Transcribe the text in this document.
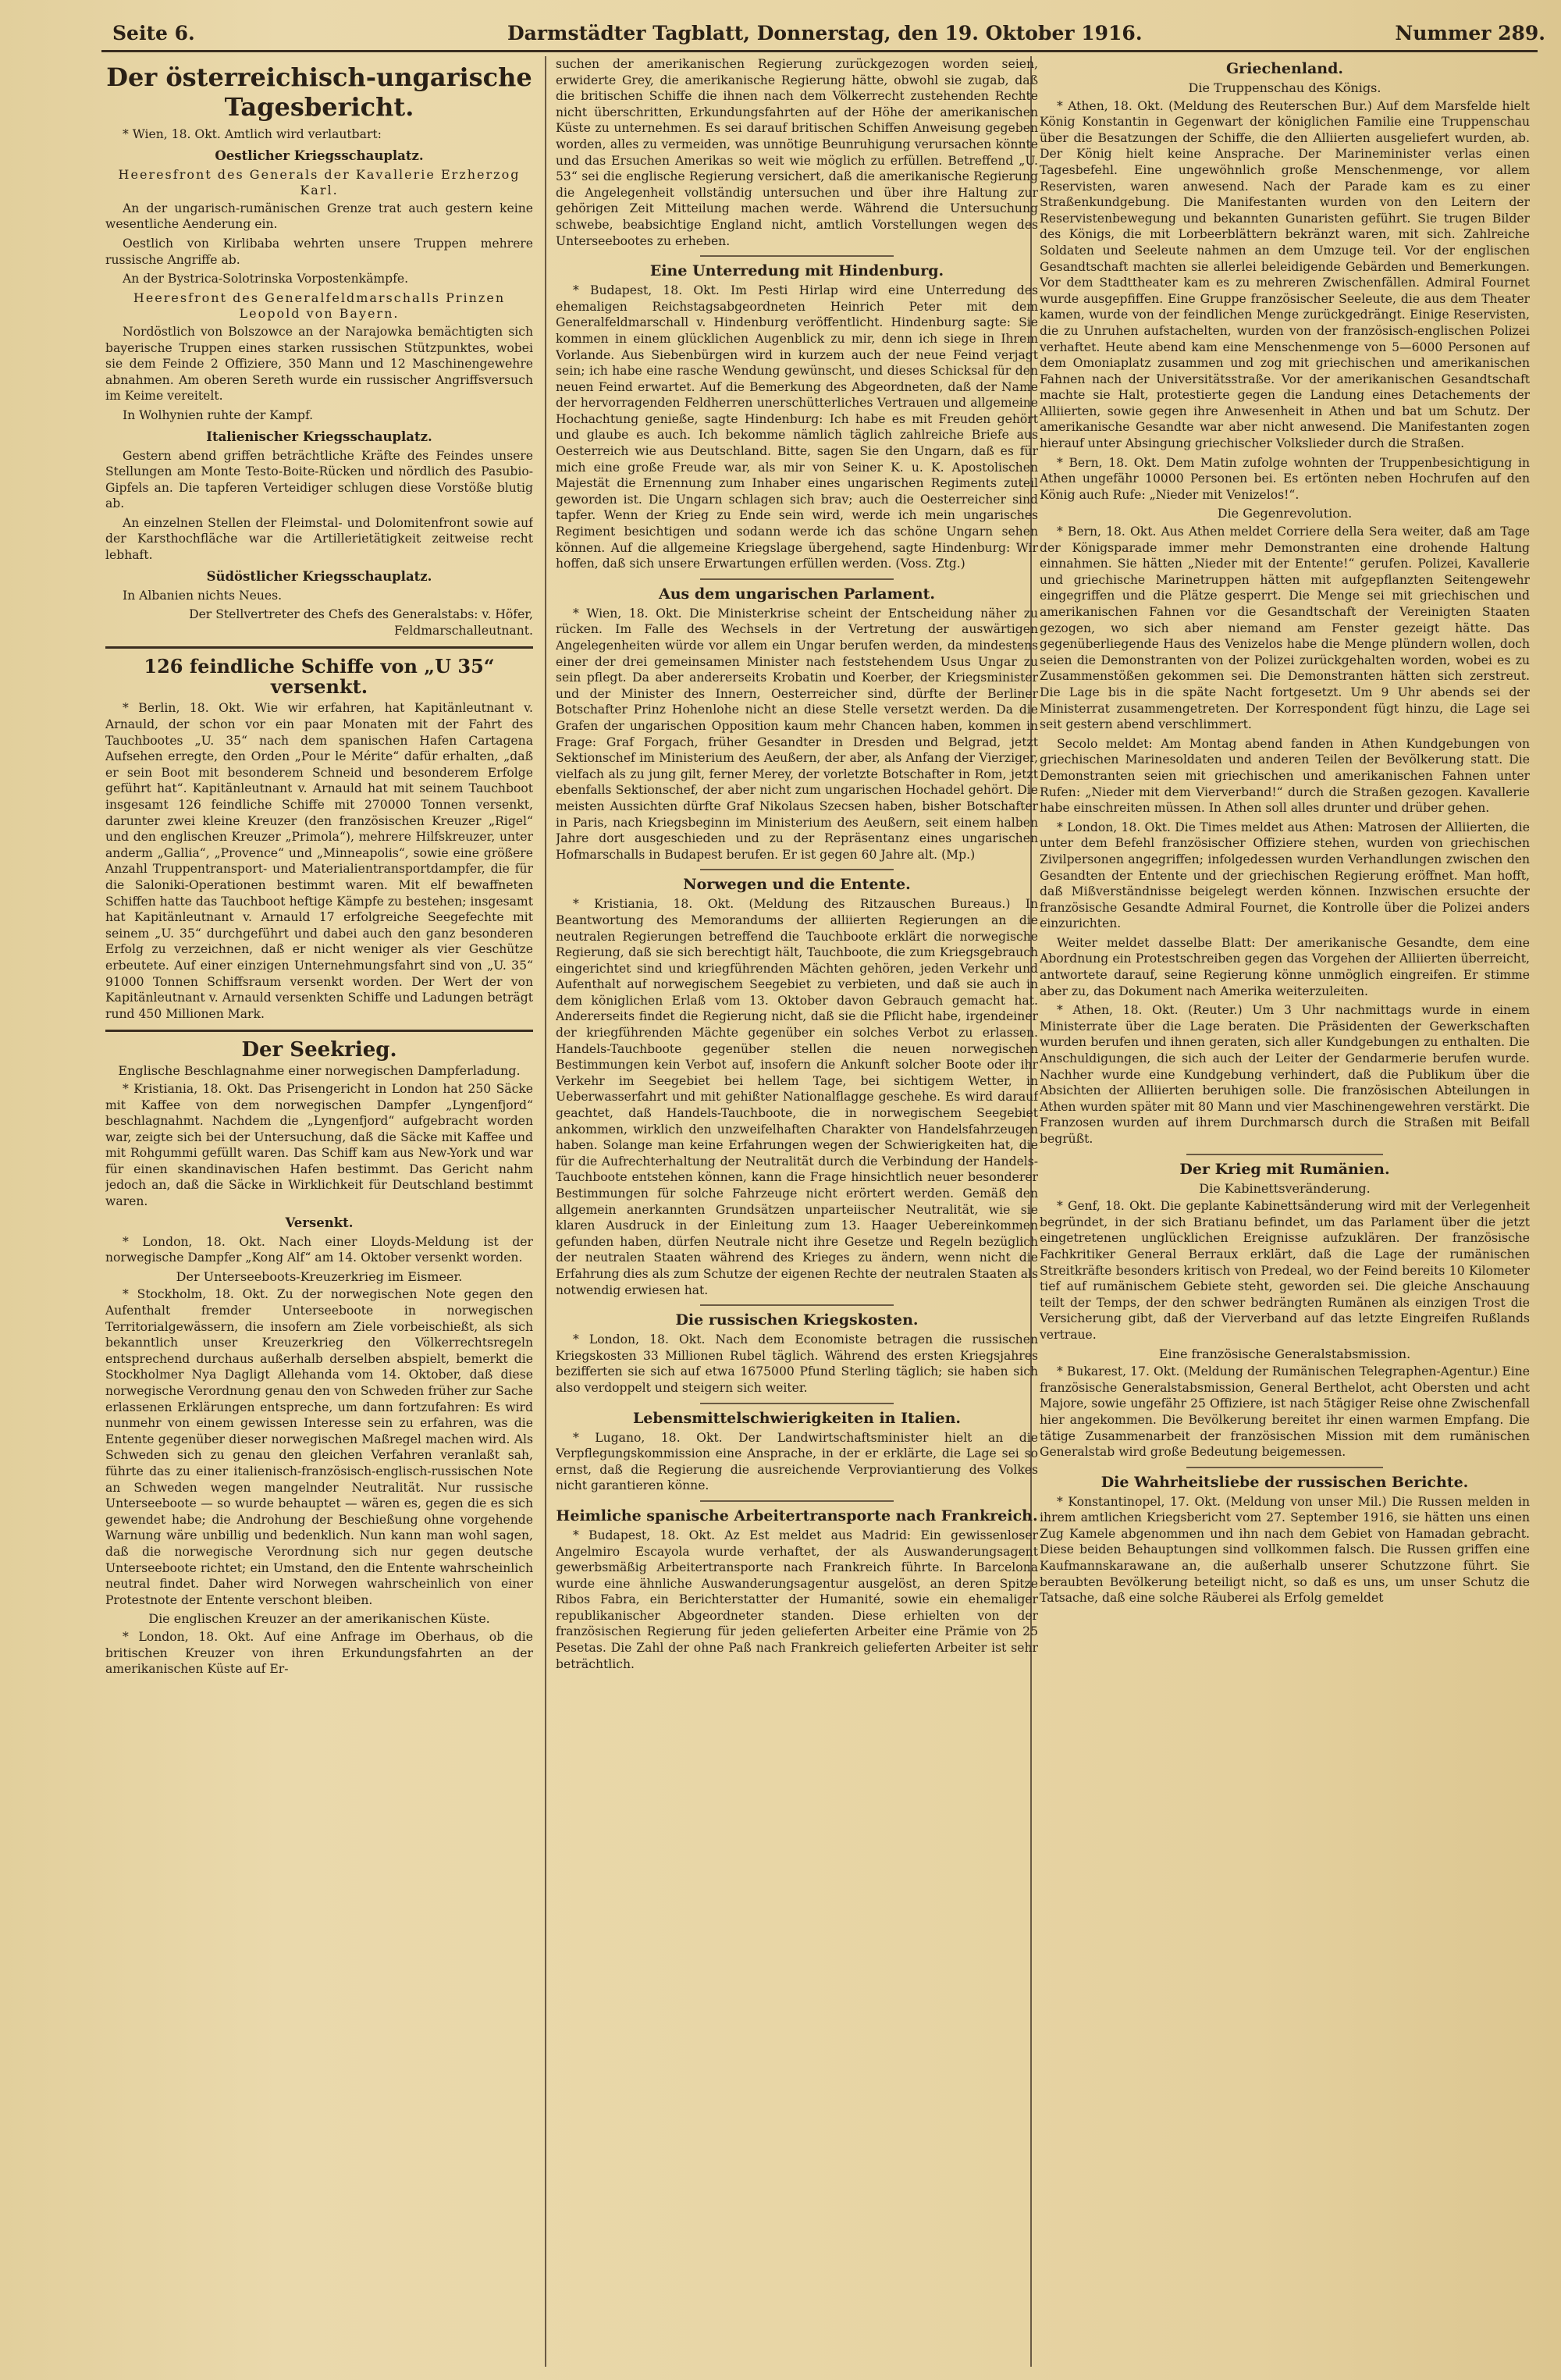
Seite 6.	Darmstädter Tagblatt, Donnerstag, den 19. Oktober 1916.	Nummer 289.
Der österreichisch-ungarische Tagesbericht.

* Wien, 18. Okt. Amtlich wird verlautbart:

Oestlicher Kriegsschauplatz.
Heeresfront des Generals der Kavallerie Erzherzog Karl.

An der ungarisch-rumänischen Grenze trat auch gestern keine wesentliche Aenderung ein.

Oestlich von Kirlibaba wehrten unsere Truppen mehrere russische Angriffe ab.

An der Bystrica-Solotrinska Vorpostenkämpfe.

Heeresfront des Generalfeldmarschalls Prinzen Leopold von Bayern.

Nordöstlich von Bolszowce an der Narajowka bemächtigten sich bayerische Truppen eines starken russischen Stützpunktes, wobei sie dem Feinde 2 Offiziere, 350 Mann und 12 Maschinengewehre abnahmen. Am oberen Sereth wurde ein russischer Angriffsversuch im Keime vereitelt.

In Wolhynien ruhte der Kampf.

Italienischer Kriegsschauplatz.

Gestern abend griffen beträchtliche Kräfte des Feindes unsere Stellungen am Monte Testo-Boite-Rücken und nördlich des Pasubio-Gipfels an. Die tapferen Verteidiger schlugen diese Vorstöße blutig ab.

An einzelnen Stellen der Fleimstal- und Dolomitenfront sowie auf der Karsthochfläche war die Artillerietätigkeit zeitweise recht lebhaft.

Südöstlicher Kriegsschauplatz.

In Albanien nichts Neues.

Der Stellvertreter des Chefs des Generalstabs: v. Höfer, Feldmarschalleutnant.

126 feindliche Schiffe von „U 35“ versenkt.

* Berlin, 18. Okt. Wie wir erfahren, hat Kapitänleutnant v. Arnauld, der schon vor ein paar Monaten mit der Fahrt des Tauchbootes „U. 35“ nach dem spanischen Hafen Cartagena Aufsehen erregte, den Orden „Pour le Mérite“ dafür erhalten, „daß er sein Boot mit besonderem Schneid und besonderem Erfolge geführt hat“. Kapitänleutnant v. Arnauld hat mit seinem Tauchboot insgesamt 126 feindliche Schiffe mit 270000 Tonnen versenkt, darunter zwei kleine Kreuzer (den französischen Kreuzer „Rigel“ und den englischen Kreuzer „Primola“), mehrere Hilfskreuzer, unter anderm „Gallia“, „Provence“ und „Minneapolis“, sowie eine größere Anzahl Truppentransport- und Materialientransportdampfer, die für die Saloniki-Operationen bestimmt waren. Mit elf bewaffneten Schiffen hatte das Tauchboot heftige Kämpfe zu bestehen; insgesamt hat Kapitänleutnant v. Arnauld 17 erfolgreiche Seegefechte mit seinem „U. 35“ durchgeführt und dabei auch den ganz besonderen Erfolg zu verzeichnen, daß er nicht weniger als vier Geschütze erbeutete. Auf einer einzigen Unternehmungsfahrt sind von „U. 35“ 91000 Tonnen Schiffsraum versenkt worden. Der Wert der von Kapitänleutnant v. Arnauld versenkten Schiffe und Ladungen beträgt rund 450 Millionen Mark.

Der Seekrieg.
Englische Beschlagnahme einer norwegischen Dampferladung.

* Kristiania, 18. Okt. Das Prisengericht in London hat 250 Säcke mit Kaffee von dem norwegischen Dampfer „Lyngenfjord“ beschlagnahmt. Nachdem die „Lyngenfjord“ aufgebracht worden war, zeigte sich bei der Untersuchung, daß die Säcke mit Kaffee und mit Rohgummi gefüllt waren. Das Schiff kam aus New-York und war für einen skandinavischen Hafen bestimmt. Das Gericht nahm jedoch an, daß die Säcke in Wirklichkeit für Deutschland bestimmt waren.

Versenkt.

* London, 18. Okt. Nach einer Lloyds-Meldung ist der norwegische Dampfer „Kong Alf“ am 14. Oktober versenkt worden.

Der Unterseeboots-Kreuzerkrieg im Eismeer.

* Stockholm, 18. Okt. Zu der norwegischen Note gegen den Aufenthalt fremder Unterseeboote in norwegischen Territorialgewässern, die insofern am Ziele vorbeischießt, als sich bekanntlich unser Kreuzerkrieg den Völkerrechtsregeln entsprechend durchaus außerhalb derselben abspielt, bemerkt die Stockholmer Nya Dagligt Allehanda vom 14. Oktober, daß diese norwegische Verordnung genau den von Schweden früher zur Sache erlassenen Erklärungen entspreche, um dann fortzufahren: Es wird nunmehr von einem gewissen Interesse sein zu erfahren, was die Entente gegenüber dieser norwegischen Maßregel machen wird. Als Schweden sich zu genau den gleichen Verfahren veranlaßt sah, führte das zu einer italienisch-französisch-englisch-russischen Note an Schweden wegen mangelnder Neutralität. Nur russische Unterseeboote — so wurde behauptet — wären es, gegen die es sich gewendet habe; die Androhung der Beschießung ohne vorgehende Warnung wäre unbillig und bedenklich. Nun kann man wohl sagen, daß die norwegische Verordnung sich nur gegen deutsche Unterseeboote richtet; ein Umstand, den die Entente wahrscheinlich neutral findet. Daher wird Norwegen wahrscheinlich von einer Protestnote der Entente verschont bleiben.

Die englischen Kreuzer an der amerikanischen Küste.

* London, 18. Okt. Auf eine Anfrage im Oberhaus, ob die britischen Kreuzer von ihren Erkundungsfahrten an der amerikanischen Küste auf Er-

suchen der amerikanischen Regierung zurückgezogen worden seien, erwiderte Grey, die amerikanische Regierung hätte, obwohl sie zugab, daß die britischen Schiffe die ihnen nach dem Völkerrecht zustehenden Rechte nicht überschritten, Erkundungsfahrten auf der Höhe der amerikanischen Küste zu unternehmen. Es sei darauf britischen Schiffen Anweisung gegeben worden, alles zu vermeiden, was unnötige Beunruhigung verursachen könnte und das Ersuchen Amerikas so weit wie möglich zu erfüllen. Betreffend „U. 53“ sei die englische Regierung versichert, daß die amerikanische Regierung die Angelegenheit vollständig untersuchen und über ihre Haltung zur gehörigen Zeit Mitteilung machen werde. Während die Untersuchung schwebe, beabsichtige England nicht, amtlich Vorstellungen wegen des Unterseebootes zu erheben.

Eine Unterredung mit Hindenburg.

* Budapest, 18. Okt. Im Pesti Hirlap wird eine Unterredung des ehemaligen Reichstagsabgeordneten Heinrich Peter mit dem Generalfeldmarschall v. Hindenburg veröffentlicht. Hindenburg sagte: Sie kommen in einem glücklichen Augenblick zu mir, denn ich siege in Ihrem Vorlande. Aus Siebenbürgen wird in kurzem auch der neue Feind verjagt sein; ich habe eine rasche Wendung gewünscht, und dieses Schicksal für den neuen Feind erwartet. Auf die Bemerkung des Abgeordneten, daß der Name der hervorragenden Feldherren unerschütterliches Vertrauen und allgemeine Hochachtung genieße, sagte Hindenburg: Ich habe es mit Freuden gehört und glaube es auch. Ich bekomme nämlich täglich zahlreiche Briefe aus Oesterreich wie aus Deutschland. Bitte, sagen Sie den Ungarn, daß es für mich eine große Freude war, als mir von Seiner K. u. K. Apostolischen Majestät die Ernennung zum Inhaber eines ungarischen Regiments zuteil geworden ist. Die Ungarn schlagen sich brav; auch die Oesterreicher sind tapfer. Wenn der Krieg zu Ende sein wird, werde ich mein ungarisches Regiment besichtigen und sodann werde ich das schöne Ungarn sehen können. Auf die allgemeine Kriegslage übergehend, sagte Hindenburg: Wir hoffen, daß sich unsere Erwartungen erfüllen werden. (Voss. Ztg.)

Aus dem ungarischen Parlament.

* Wien, 18. Okt. Die Ministerkrise scheint der Entscheidung näher zu rücken. Im Falle des Wechsels in der Vertretung der auswärtigen Angelegenheiten würde vor allem ein Ungar berufen werden, da mindestens einer der drei gemeinsamen Minister nach feststehendem Usus Ungar zu sein pflegt. Da aber andererseits Krobatin und Koerber, der Kriegsminister und der Minister des Innern, Oesterreicher sind, dürfte der Berliner Botschafter Prinz Hohenlohe nicht an diese Stelle versetzt werden. Da die Grafen der ungarischen Opposition kaum mehr Chancen haben, kommen in Frage: Graf Forgach, früher Gesandter in Dresden und Belgrad, jetzt Sektionschef im Ministerium des Aeußern, der aber, als Anfang der Vierziger, vielfach als zu jung gilt, ferner Merey, der vorletzte Botschafter in Rom, jetzt ebenfalls Sektionschef, der aber nicht zum ungarischen Hochadel gehört. Die meisten Aussichten dürfte Graf Nikolaus Szecsen haben, bisher Botschafter in Paris, nach Kriegsbeginn im Ministerium des Aeußern, seit einem halben Jahre dort ausgeschieden und zu der Repräsentanz eines ungarischen Hofmarschalls in Budapest berufen. Er ist gegen 60 Jahre alt. (Mp.)

Norwegen und die Entente.

* Kristiania, 18. Okt. (Meldung des Ritzauschen Bureaus.) In Beantwortung des Memorandums der alliierten Regierungen an die neutralen Regierungen betreffend die Tauchboote erklärt die norwegische Regierung, daß sie sich berechtigt hält, Tauchboote, die zum Kriegsgebrauch eingerichtet sind und kriegführenden Mächten gehören, jeden Verkehr und Aufenthalt auf norwegischem Seegebiet zu verbieten, und daß sie auch in dem königlichen Erlaß vom 13. Oktober davon Gebrauch gemacht hat. Andererseits findet die Regierung nicht, daß sie die Pflicht habe, irgendeiner der kriegführenden Mächte gegenüber ein solches Verbot zu erlassen. Handels-Tauchboote gegenüber stellen die neuen norwegischen Bestimmungen kein Verbot auf, insofern die Ankunft solcher Boote oder ihr Verkehr im Seegebiet bei hellem Tage, bei sichtigem Wetter, in Ueberwasserfahrt und mit gehißter Nationalflagge geschehe. Es wird darauf geachtet, daß Handels-Tauchboote, die in norwegischem Seegebiet ankommen, wirklich den unzweifelhaften Charakter von Handelsfahrzeugen haben. Solange man keine Erfahrungen wegen der Schwierigkeiten hat, die für die Aufrechterhaltung der Neutralität durch die Verbindung der Handels-Tauchboote entstehen können, kann die Frage hinsichtlich neuer besonderer Bestimmungen für solche Fahrzeuge nicht erörtert werden. Gemäß den allgemein anerkannten Grundsätzen unparteiischer Neutralität, wie sie klaren Ausdruck in der Einleitung zum 13. Haager Uebereinkommen gefunden haben, dürfen Neutrale nicht ihre Gesetze und Regeln bezüglich der neutralen Staaten während des Krieges zu ändern, wenn nicht die Erfahrung dies als zum Schutze der eigenen Rechte der neutralen Staaten als notwendig erwiesen hat.

Die russischen Kriegskosten.

* London, 18. Okt. Nach dem Economiste betragen die russischen Kriegskosten 33 Millionen Rubel täglich. Während des ersten Kriegsjahres bezifferten sie sich auf etwa 1675000 Pfund Sterling täglich; sie haben sich also verdoppelt und steigern sich weiter.

Lebensmittelschwierigkeiten in Italien.

* Lugano, 18. Okt. Der Landwirtschaftsminister hielt an die Verpflegungskommission eine Ansprache, in der er erklärte, die Lage sei so ernst, daß die Regierung die ausreichende Verproviantierung des Volkes nicht garantieren könne.

Heimliche spanische Arbeitertransporte nach Frankreich.

* Budapest, 18. Okt. Az Est meldet aus Madrid: Ein gewissenloser Angelmiro Escayola wurde verhaftet, der als Auswanderungsagent gewerbsmäßig Arbeitertransporte nach Frankreich führte. In Barcelona wurde eine ähnliche Auswanderungsagentur ausgelöst, an deren Spitze Ribos Fabra, ein Berichterstatter der Humanité, sowie ein ehemaliger republikanischer Abgeordneter standen. Diese erhielten von der französischen Regierung für jeden gelieferten Arbeiter eine Prämie von 25 Pesetas. Die Zahl der ohne Paß nach Frankreich gelieferten Arbeiter ist sehr beträchtlich.

Griechenland.
Die Truppenschau des Königs.

* Athen, 18. Okt. (Meldung des Reuterschen Bur.) Auf dem Marsfelde hielt König Konstantin in Gegenwart der königlichen Familie eine Truppenschau über die Besatzungen der Schiffe, die den Alliierten ausgeliefert wurden, ab. Der König hielt keine Ansprache. Der Marineminister verlas einen Tagesbefehl. Eine ungewöhnlich große Menschenmenge, vor allem Reservisten, waren anwesend. Nach der Parade kam es zu einer Straßenkundgebung. Die Manifestanten wurden von den Leitern der Reservistenbewegung und bekannten Gunaristen geführt. Sie trugen Bilder des Königs, die mit Lorbeerblättern bekränzt waren, mit sich. Zahlreiche Soldaten und Seeleute nahmen an dem Umzuge teil. Vor der englischen Gesandtschaft machten sie allerlei beleidigende Gebärden und Bemerkungen. Vor dem Stadttheater kam es zu mehreren Zwischenfällen. Admiral Fournet wurde ausgepfiffen. Eine Gruppe französischer Seeleute, die aus dem Theater kamen, wurde von der feindlichen Menge zurückgedrängt. Einige Reservisten, die zu Unruhen aufstachelten, wurden von der französisch-englischen Polizei verhaftet. Heute abend kam eine Menschenmenge von 5—6000 Personen auf dem Omoniaplatz zusammen und zog mit griechischen und amerikanischen Fahnen nach der Universitätsstraße. Vor der amerikanischen Gesandtschaft machte sie Halt, protestierte gegen die Landung eines Detachements der Alliierten, sowie gegen ihre Anwesenheit in Athen und bat um Schutz. Der amerikanische Gesandte war aber nicht anwesend. Die Manifestanten zogen hierauf unter Absingung griechischer Volkslieder durch die Straßen.

* Bern, 18. Okt. Dem Matin zufolge wohnten der Truppenbesichtigung in Athen ungefähr 10000 Personen bei. Es ertönten neben Hochrufen auf den König auch Rufe: „Nieder mit Venizelos!“.

Die Gegenrevolution.

* Bern, 18. Okt. Aus Athen meldet Corriere della Sera weiter, daß am Tage der Königsparade immer mehr Demonstranten eine drohende Haltung einnahmen. Sie hätten „Nieder mit der Entente!“ gerufen. Polizei, Kavallerie und griechische Marinetruppen hätten mit aufgepflanzten Seitengewehr eingegriffen und die Plätze gesperrt. Die Menge sei mit griechischen und amerikanischen Fahnen vor die Gesandtschaft der Vereinigten Staaten gezogen, wo sich aber niemand am Fenster gezeigt hätte. Das gegenüberliegende Haus des Venizelos habe die Menge plündern wollen, doch seien die Demonstranten von der Polizei zurückgehalten worden, wobei es zu Zusammenstößen gekommen sei. Die Demonstranten hätten sich zerstreut. Die Lage bis in die späte Nacht fortgesetzt. Um 9 Uhr abends sei der Ministerrat zusammengetreten. Der Korrespondent fügt hinzu, die Lage sei seit gestern abend verschlimmert.

Secolo meldet: Am Montag abend fanden in Athen Kundgebungen von griechischen Marinesoldaten und anderen Teilen der Bevölkerung statt. Die Demonstranten seien mit griechischen und amerikanischen Fahnen unter Rufen: „Nieder mit dem Vierverband!“ durch die Straßen gezogen. Kavallerie habe einschreiten müssen. In Athen soll alles drunter und drüber gehen.

* London, 18. Okt. Die Times meldet aus Athen: Matrosen der Alliierten, die unter dem Befehl französischer Offiziere stehen, wurden von griechischen Zivilpersonen angegriffen; infolgedessen wurden Verhandlungen zwischen den Gesandten der Entente und der griechischen Regierung eröffnet. Man hofft, daß Mißverständnisse beigelegt werden können. Inzwischen ersuchte der französische Gesandte Admiral Fournet, die Kontrolle über die Polizei anders einzurichten.

Weiter meldet dasselbe Blatt: Der amerikanische Gesandte, dem eine Abordnung ein Protestschreiben gegen das Vorgehen der Alliierten überreicht, antwortete darauf, seine Regierung könne unmöglich eingreifen. Er stimme aber zu, das Dokument nach Amerika weiterzuleiten.

* Athen, 18. Okt. (Reuter.) Um 3 Uhr nachmittags wurde in einem Ministerrate über die Lage beraten. Die Präsidenten der Gewerkschaften wurden berufen und ihnen geraten, sich aller Kundgebungen zu enthalten. Die Anschuldigungen, die sich auch der Leiter der Gendarmerie berufen wurde. Nachher wurde eine Kundgebung verhindert, daß die Publikum über die Absichten der Alliierten beruhigen solle. Die französischen Abteilungen in Athen wurden später mit 80 Mann und vier Maschinengewehren verstärkt. Die Franzosen wurden auf ihrem Durchmarsch durch die Straßen mit Beifall begrüßt.

Der Krieg mit Rumänien.
Die Kabinettsveränderung.

* Genf, 18. Okt. Die geplante Kabinettsänderung wird mit der Verlegenheit begründet, in der sich Bratianu befindet, um das Parlament über die jetzt eingetretenen unglücklichen Ereignisse aufzuklären. Der französische Fachkritiker General Berraux erklärt, daß die Lage der rumänischen Streitkräfte besonders kritisch von Predeal, wo der Feind bereits 10 Kilometer tief auf rumänischem Gebiete steht, geworden sei. Die gleiche Anschauung teilt der Temps, der den schwer bedrängten Rumänen als einzigen Trost die Versicherung gibt, daß der Vierverband auf das letzte Eingreifen Rußlands vertraue.

Eine französische Generalstabsmission.

* Bukarest, 17. Okt. (Meldung der Rumänischen Telegraphen-Agentur.) Eine französische Generalstabsmission, General Berthelot, acht Obersten und acht Majore, sowie ungefähr 25 Offiziere, ist nach 5tägiger Reise ohne Zwischenfall hier angekommen. Die Bevölkerung bereitet ihr einen warmen Empfang. Die tätige Zusammenarbeit der französischen Mission mit dem rumänischen Generalstab wird große Bedeutung beigemessen.

Die Wahrheitsliebe der russischen Berichte.

* Konstantinopel, 17. Okt. (Meldung von unser Mil.) Die Russen melden in ihrem amtlichen Kriegsbericht vom 27. September 1916, sie hätten uns einen Zug Kamele abgenommen und ihn nach dem Gebiet von Hamadan gebracht. Diese beiden Behauptungen sind vollkommen falsch. Die Russen griffen eine Kaufmannskarawane an, die außerhalb unserer Schutzzone führt. Sie beraubten Bevölkerung beteiligt nicht, so daß es uns, um unser Schutz die Tatsache, daß eine solche Räuberei als Erfolg gemeldet
